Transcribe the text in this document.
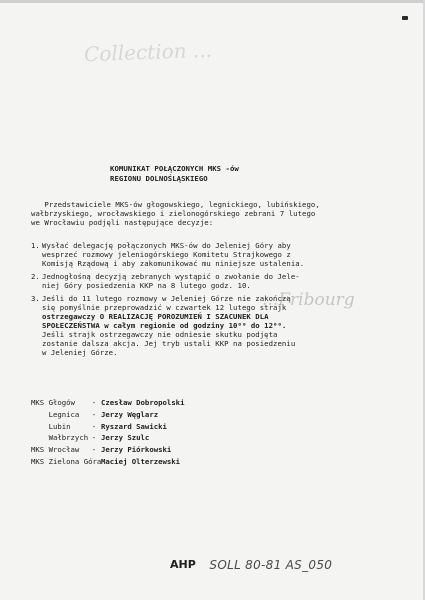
Collection ...
...Fribourg
KOMUNIKAT POŁĄCZONYCH MKS -ów
REGIONU DOLNOŚLĄSKIEGO
Przedstawiciele MKS-ów głogowskiego, legnickiego, lubińskiego,
wałbrzyskiego, wrocławskiego i zielonogórskiego zebrani 7 lutego
we Wrocławiu podjęli następujące decyzje:
1. Wysłać delegację połączonych MKS-ów do Jeleniej Góry aby
wesprzeć rozmowy jeleniogórskiego Komitetu Strajkowego z
Komisją Rządową i aby zakomunikować mu niniejsze ustalenia.
2. Jednogłośną decyzją zebranych wystąpić o zwołanie do Jele-
niej Góry posiedzenia KKP na 8 lutego godz. 10.
3. Jeśli do 11 lutego rozmowy w Jeleniej Górze nie zakończą
się pomyślnie przeprowadzić w czwartek 12 lutego strajk
ostrzegawczy O REALIZACJĘ POROZUMIEŃ I SZACUNEK DLA
SPOŁECZEŃSTWA w całym regionie od godziny 10⁰⁰ do 12⁰⁰.
Jeśli strajk ostrzegawczy nie odniesie skutku podjęta
zostanie dalsza akcja. Jej tryb ustali KKP na posiedzeniu
w Jeleniej Górze.
MKS Głogów	- Czesław Dobropolski
Legnica	- Jerzy Węglarz
Lubin	- Ryszard Sawicki
Wałbrzych - Jerzy Szulc
MKS Wrocław	- Jerzy Piórkowski
MKS Zielona Góra Maciej Olterzewski
AHP SOLL 80-81 AS_050
